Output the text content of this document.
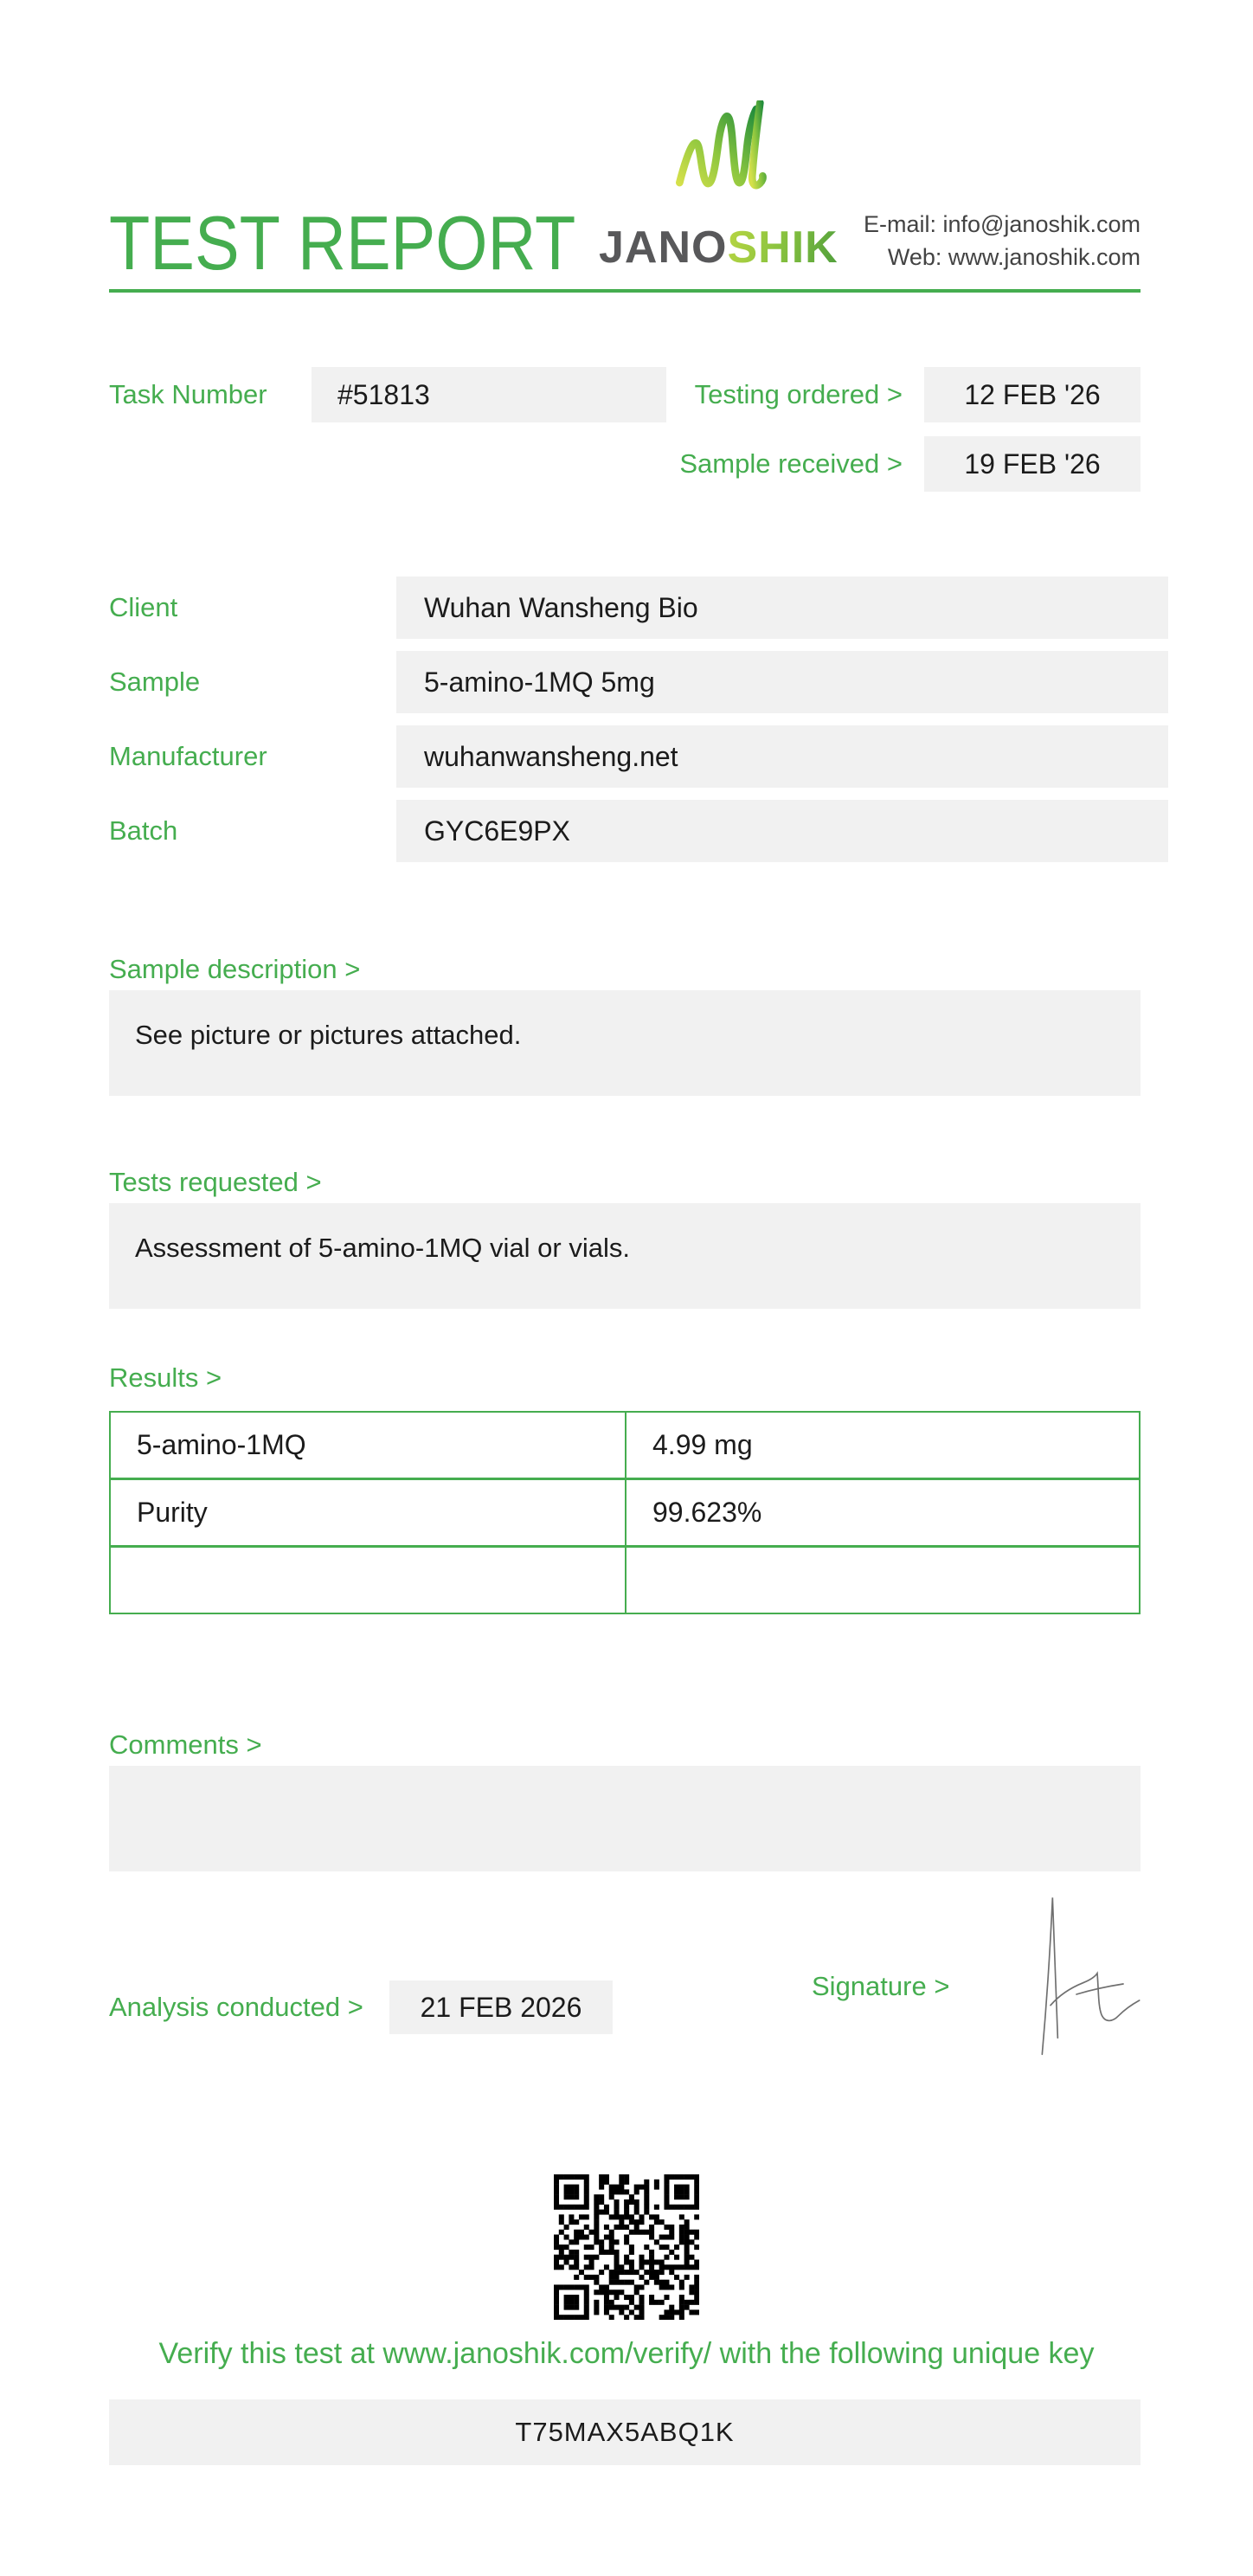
TEST REPORT JANOSHIK E-mail: info@janoshik.com
Web: www.janoshik.com
Task Number	#51813	Testing ordered >	12 FEB '26
Sample received >	19 FEB '26
Client	Wuhan Wansheng Bio
Sample	5-amino-1MQ 5mg
Manufacturer	wuhanwansheng.net
Batch	GYC6E9PX
Sample description >
See picture or pictures attached.
Tests requested >
Assessment of 5-amino-1MQ vial or vials.
Results >
5-amino-1MQ	4.99 mg
Purity	99.623%
Comments >
Analysis conducted >	21 FEB 2026
Signature >
Verify this test at www.janoshik.com/verify/ with the following unique key
T75MAX5ABQ1K
